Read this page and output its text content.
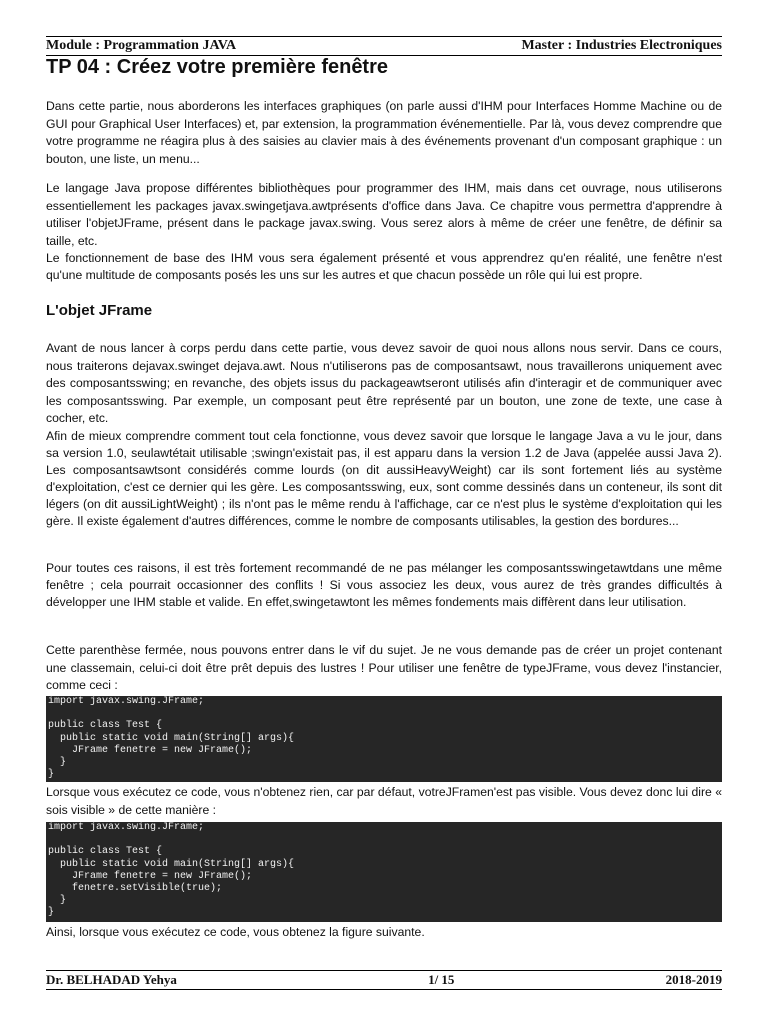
Module : Programmation JAVA	Master : Industries Electroniques
TP 04 : Créez votre première fenêtre

Dans cette partie, nous aborderons les interfaces graphiques (on parle aussi d'IHM pour Interfaces Homme Machine ou de GUI pour Graphical User Interfaces) et, par extension, la programmation événementielle. Par là, vous devez comprendre que votre programme ne réagira plus à des saisies au clavier mais à des événements provenant d'un composant graphique : un bouton, une liste, un menu...

Le langage Java propose différentes bibliothèques pour programmer des IHM, mais dans cet ouvrage, nous utiliserons essentiellement les packages javax.swingetjava.awtprésents d'office dans Java. Ce chapitre vous permettra d'apprendre à utiliser l'objetJFrame, présent dans le package javax.swing. Vous serez alors à même de créer une fenêtre, de définir sa taille, etc.

Le fonctionnement de base des IHM vous sera également présenté et vous apprendrez qu'en réalité, une fenêtre n'est qu'une multitude de composants posés les uns sur les autres et que chacun possède un rôle qui lui est propre.

L'objet JFrame

Avant de nous lancer à corps perdu dans cette partie, vous devez savoir de quoi nous allons nous servir. Dans ce cours, nous traiterons dejavax.swinget dejava.awt. Nous n'utiliserons pas de composantsawt, nous travaillerons uniquement avec des composantsswing; en revanche, des objets issus du packageawtseront utilisés afin d'interagir et de communiquer avec les composantsswing. Par exemple, un composant peut être représenté par un bouton, une zone de texte, une case à cocher, etc.

Afin de mieux comprendre comment tout cela fonctionne, vous devez savoir que lorsque le langage Java a vu le jour, dans sa version 1.0, seulawtétait utilisable ;swingn'existait pas, il est apparu dans la version 1.2 de Java (appelée aussi Java 2). Les composantsawtsont considérés comme lourds (on dit aussiHeavyWeight) car ils sont fortement liés au système d'exploitation, c'est ce dernier qui les gère. Les composantsswing, eux, sont comme dessinés dans un conteneur, ils sont dit légers (on dit aussiLightWeight) ; ils n'ont pas le même rendu à l'affichage, car ce n'est plus le système d'exploitation qui les gère. Il existe également d'autres différences, comme le nombre de composants utilisables, la gestion des bordures...

Pour toutes ces raisons, il est très fortement recommandé de ne pas mélanger les composantsswingetawtdans une même fenêtre ; cela pourrait occasionner des conflits ! Si vous associez les deux, vous aurez de très grandes difficultés à développer une IHM stable et valide. En effet,swingetawtont les mêmes fondements mais diffèrent dans leur utilisation.

Cette parenthèse fermée, nous pouvons entrer dans le vif du sujet. Je ne vous demande pas de créer un projet contenant une classemain, celui-ci doit être prêt depuis des lustres ! Pour utiliser une fenêtre de typeJFrame, vous devez l'instancier, comme ceci :

import javax.swing.JFrame;

public class Test {
public static void main(String[] args){
JFrame fenetre = new JFrame();
}
}

Lorsque vous exécutez ce code, vous n'obtenez rien, car par défaut, votreJFramen'est pas visible. Vous devez donc lui dire « sois visible » de cette manière :

import javax.swing.JFrame;

public class Test {
public static void main(String[] args){
JFrame fenetre = new JFrame();
fenetre.setVisible(true);
}
}

Ainsi, lorsque vous exécutez ce code, vous obtenez la figure suivante.

Dr. BELHADAD Yehya	1/ 15	2018-2019
